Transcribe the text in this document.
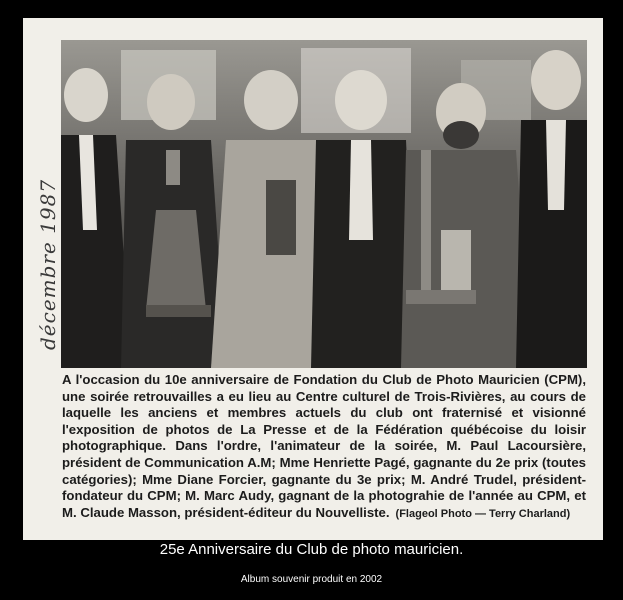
décembre 1987

A l'occasion du 10e anniversaire de Fondation du Club de Photo Mauricien (CPM), une soirée retrouvailles a eu lieu au Centre culturel de Trois-Rivières, au cours de laquelle les anciens et membres actuels du club ont fraternisé et visionné l'exposition de photos de La Presse et de la Fédération québécoise du loisir photographique. Dans l'ordre, l'animateur de la soirée, M. Paul Lacoursière, président de Communication A.M; Mme Henriette Pagé, gagnante du 2e prix (toutes catégories); Mme Diane Forcier, gagnante du 3e prix; M. André Trudel, président-fondateur du CPM; M. Marc Audy, gagnant de la photograhie de l'année au CPM, et M. Claude Masson, président-éditeur du Nouvelliste. (Flageol Photo — Terry Charland)

25e Anniversaire du Club de photo mauricien.
Album souvenir produit en 2002
